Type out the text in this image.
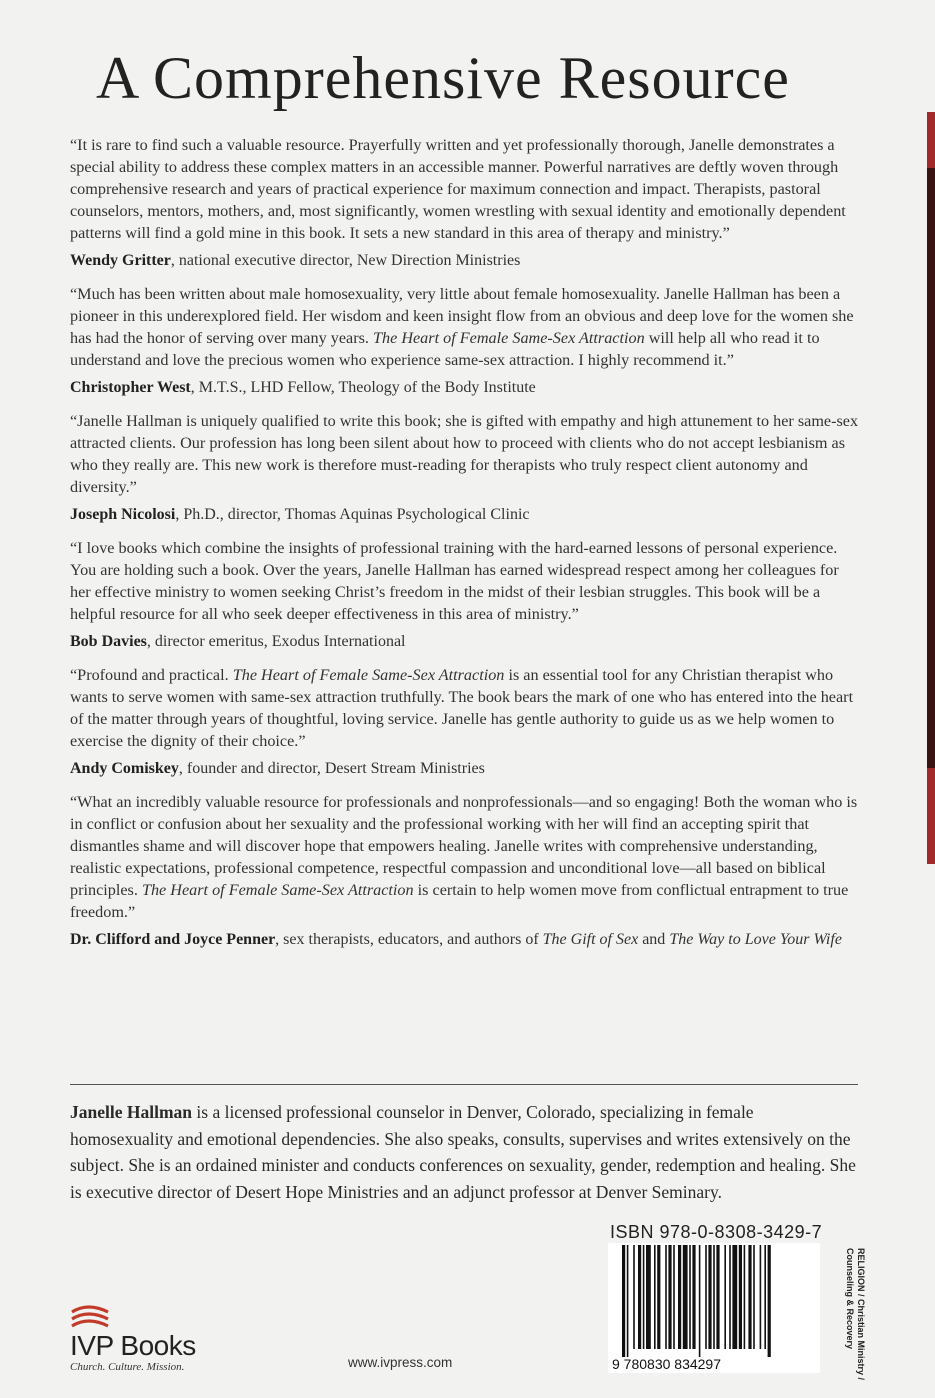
A Comprehensive Resource

“It is rare to find such a valuable resource. Prayerfully written and yet professionally thorough, Janelle demonstrates a special ability to address these complex matters in an accessible manner. Powerful narratives are deftly woven through comprehensive research and years of practical experience for maximum connection and impact. Therapists, pastoral counselors, mentors, mothers, and, most significantly, women wrestling with sexual identity and emotionally dependent patterns will find a gold mine in this book. It sets a new standard in this area of therapy and ministry.”

Wendy Gritter, national executive director, New Direction Ministries

“Much has been written about male homosexuality, very little about female homosexuality. Janelle Hallman has been a pioneer in this underexplored field. Her wisdom and keen insight flow from an obvious and deep love for the women she has had the honor of serving over many years. The Heart of Female Same-Sex Attraction will help all who read it to understand and love the precious women who experience same-sex attraction. I highly recommend it.”

Christopher West, M.T.S., LHD Fellow, Theology of the Body Institute

“Janelle Hallman is uniquely qualified to write this book; she is gifted with empathy and high attunement to her same-sex attracted clients. Our profession has long been silent about how to proceed with clients who do not accept lesbianism as who they really are. This new work is therefore must-reading for therapists who truly respect client autonomy and diversity.”

Joseph Nicolosi, Ph.D., director, Thomas Aquinas Psychological Clinic

“I love books which combine the insights of professional training with the hard-earned lessons of personal experience. You are holding such a book. Over the years, Janelle Hallman has earned widespread respect among her colleagues for her effective ministry to women seeking Christ’s freedom in the midst of their lesbian struggles. This book will be a helpful resource for all who seek deeper effectiveness in this area of ministry.”

Bob Davies, director emeritus, Exodus International

“Profound and practical. The Heart of Female Same-Sex Attraction is an essential tool for any Christian therapist who wants to serve women with same-sex attraction truthfully. The book bears the mark of one who has entered into the heart of the matter through years of thoughtful, loving service. Janelle has gentle authority to guide us as we help women to exercise the dignity of their choice.”

Andy Comiskey, founder and director, Desert Stream Ministries

“What an incredibly valuable resource for professionals and nonprofessionals—and so engaging! Both the woman who is in conflict or confusion about her sexuality and the professional working with her will find an accepting spirit that dismantles shame and will discover hope that empowers healing. Janelle writes with comprehensive understanding, realistic expectations, professional competence, respectful compassion and unconditional love—all based on biblical principles. The Heart of Female Same-Sex Attraction is certain to help women move from conflictual entrapment to true freedom.”

Dr. Clifford and Joyce Penner, sex therapists, educators, and authors of The Gift of Sex and The Way to Love Your Wife

Janelle Hallman is a licensed professional counselor in Denver, Colorado, specializing in female homosexuality and emotional dependencies. She also speaks, consults, supervises and writes extensively on the subject. She is an ordained minister and conducts conferences on sexuality, gender, redemption and healing. She is executive director of Desert Hope Ministries and an adjunct professor at Denver Seminary.

ISBN 978-0-8308-3429-7

9 780830 834297	RELIGION / Christian Ministry /
Counseling & Recovery

IVP Books

Church. Culture. Mission.	www.ivpress.com
